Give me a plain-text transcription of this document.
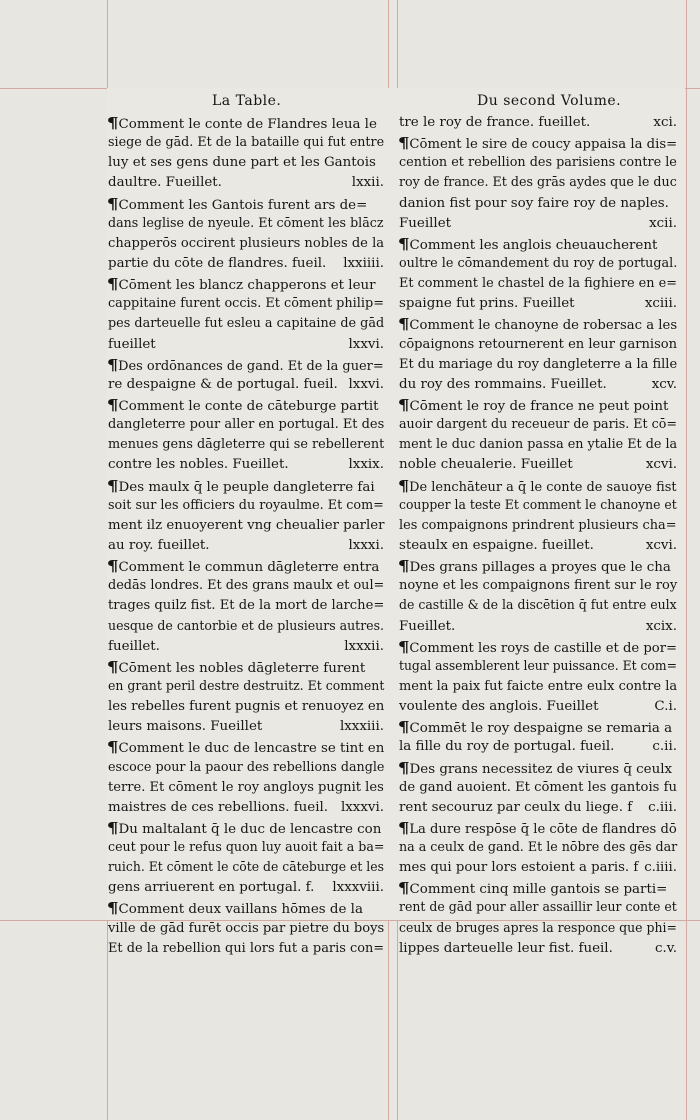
La Table.	Du second Volume.
¶ Comment le conte de Flandres leua le
siege de gād. Et de la bataille qui fut entre
luy et ses gens dune part et les Gantois
daultre. Fueillet.	lxxii.
¶ Comment les Gantois furent ars de=
dans leglise de nyeule. Et cōment les blācz
chapperōs occirent plusieurs nobles de la
partie du cōte de flandres. fueil.	lxxiiii.
¶ Cōment les blancz chapperons et leur
cappitaine furent occis. Et cōment philip=
pes darteuelle fut esleu a capitaine de gād
fueillet	lxxvi.
¶ Des ordōnances de gand. Et de la guer=
re despaigne & de portugal. fueil. lxxvi.
¶ Comment le conte de cāteburge partit
dangleterre pour aller en portugal. Et des
menues gens dāgleterre qui se rebellerent
contre les nobles. Fueillet.	lxxix.
¶ Des maulx q̄ le peuple dangleterre fai
soit sur les officiers du royaulme. Et com=
ment ilz enuoyerent vng cheualier parler
au roy. fueillet.	lxxxi.
¶ Comment le commun dāgleterre entra
dedās londres. Et des grans maulx et oul=
trages quilz fist. Et de la mort de larche=
uesque de cantorbie et de plusieurs autres.
fueillet.	lxxxii.
¶ Cōment les nobles dāgleterre furent
en grant peril destre destruitz. Et comment
les rebelles furent pugnis et renuoyez en
leurs maisons. Fueillet	lxxxiii.
¶ Comment le duc de lencastre se tint en
escoce pour la paour des rebellions dangle
terre. Et cōment le roy angloys pugnit les
maistres de ces rebellions. fueil. lxxxvi.
¶ Du maltalant q̄ le duc de lencastre con
ceut pour le refus quon luy auoit fait a ba=
ruich. Et cōment le cōte de cāteburge et les
gens arriuerent en portugal. f.	lxxxviii.
¶ Comment deux vaillans hōmes de la
ville de gād furēt occis par pietre du boys
Et de la rebellion qui lors fut a paris con=
tre le roy de france. fueillet.	xci.
¶ Cōment le sire de coucy appaisa la dis=
cention et rebellion des parisiens contre le
roy de france. Et des grās aydes que le duc
danion fist pour soy faire roy de naples.
Fueillet	xcii.
¶ Comment les anglois cheuaucherent
oultre le cōmandement du roy de portugal.
Et comment le chastel de la fighiere en e=
spaigne fut prins. Fueillet	xciii.
¶ Comment le chanoyne de robersac a les
cōpaignons retournerent en leur garnison
Et du mariage du roy dangleterre a la fille
du roy des rommains. Fueillet.	xcv.
¶ Cōment le roy de france ne peut point
auoir dargent du receueur de paris. Et cō=
ment le duc danion passa en ytalie Et de la
noble cheualerie. Fueillet	xcvi.
¶ De lenchāteur a q̄ le conte de sauoye fist
coupper la teste Et comment le chanoyne et
les compaignons prindrent plusieurs cha=
steaulx en espaigne. fueillet.	xcvi.
¶ Des grans pillages a proyes que le cha
noyne et les compaignons firent sur le roy
de castille & de la discētion q̄ fut entre eulx
Fueillet.	xcix.
¶ Comment les roys de castille et de por=
tugal assemblerent leur puissance. Et com=
ment la paix fut faicte entre eulx contre la
voulente des anglois. Fueillet	C.i.
¶ Commēt le roy despaigne se remaria a
la fille du roy de portugal. fueil.	c.ii.
¶ Des grans necessitez de viures q̄ ceulx
de gand auoient. Et cōment les gantois fu
rent secouruz par ceulx du liege. f	c.iii.
¶ La dure respōse q̄ le cōte de flandres dō
na a ceulx de gand. Et le nōbre des gēs dar
mes qui pour lors estoient a paris. f c.iiii.
¶ Comment cinq mille gantois se parti=
rent de gād pour aller assaillir leur conte et
ceulx de bruges apres la responce que phi=
lippes darteuelle leur fist. fueil.	c.v.
